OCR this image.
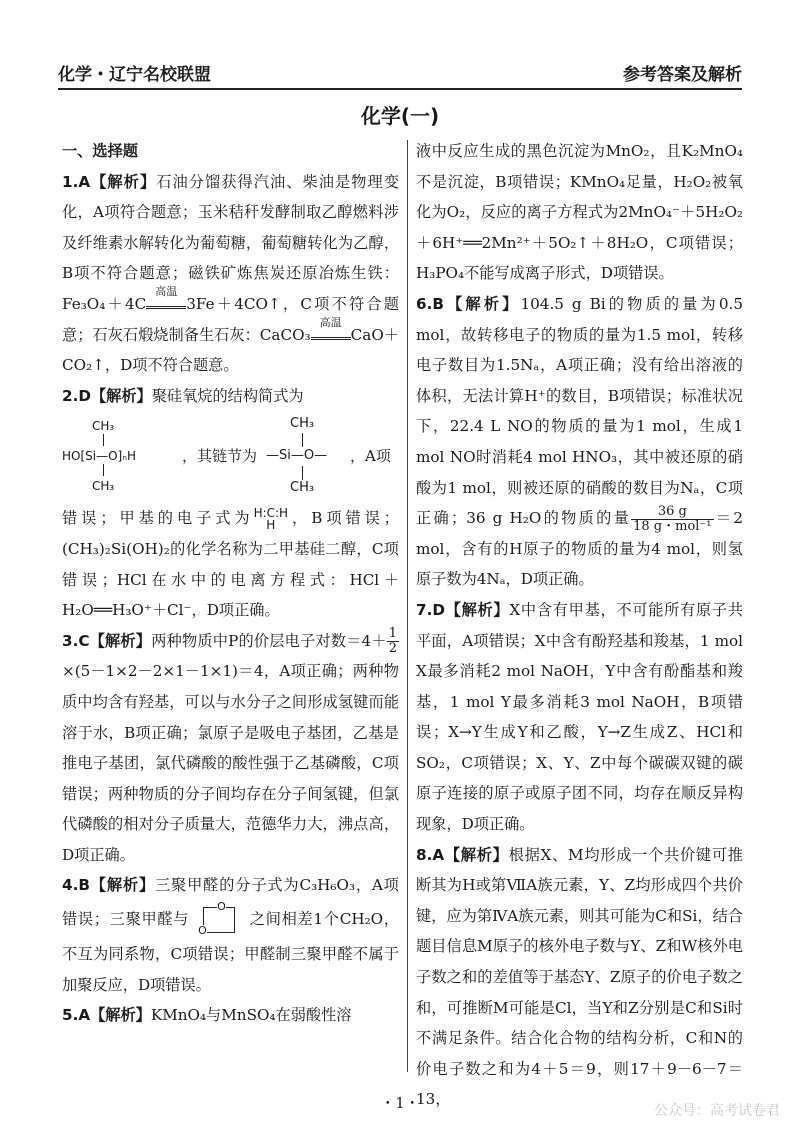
化学・辽宁名校联盟	参考答案及解析
化学(一)

一、选择题

1.A【解析】石油分馏获得汽油、柴油是物理变化，A项符合题意；玉米秸秆发酵制取乙醇燃料涉及纤维素水解转化为葡萄糖，葡萄糖转化为乙醇，B项不符合题意；磁铁矿炼焦炭还原冶炼生铁：Fe₃O₄＋4C
高温
3Fe＋4CO↑，C项不符合题意；石灰石煅烧制备生石灰：CaCO₃
高温
CaO＋CO₂↑，D项不符合题意。

2.D【解析】聚硅氧烷的结构简式为

CH₃
HO[Si—O]ₙH
CH₃
，其链节为
CH₃
—Si—O—
CH₃
，A项

错误；甲基的电子式为 H:C:H
H ，B项错误；(CH₃)₂Si(OH)₂的化学名称为二甲基硅二醇，C项错误；HCl在水中的电离方程式：HCl＋H₂O══H₃O⁺＋Cl⁻，D项正确。

3.C【解析】两种物质中P的价层电子对数$=4+ \frac{1}{2}$
×(5－1×2－2×1－1×1)＝4，A项正确；两种物质中均含有羟基，可以与水分子之间形成氢键而能溶于水，B项正确；氯原子是吸电子基团，乙基是推电子基团，氯代磷酸的酸性强于乙基磷酸，C项错误；两种物质的分子间均存在分子间氢键，但氯代磷酸的相对分子质量大，范德华力大，沸点高，D项正确。

4.B【解析】三聚甲醛的分子式为C₃H₆O₃，A项错误；三聚甲醛与
O
O
之间相差1个CH₂O，不互为同系物，C项错误；甲醛制三聚甲醛不属于加聚反应，D项错误。

5.A【解析】KMnO₄与MnSO₄在弱酸性溶

液中反应生成的黑色沉淀为MnO₂，且K₂MnO₄不是沉淀，B项错误；KMnO₄足量，H₂O₂被氧化为O₂，反应的离子方程式为2MnO₄⁻＋5H₂O₂＋6H⁺══2Mn²⁺＋5O₂↑＋8H₂O，C项错误；H₃PO₄不能写成离子形式，D项错误。

6.B【解析】104.5 g Bi的物质的量为0.5 mol，故转移电子的物质的量为1.5 mol，转移电子数目为1.5Nₐ，A项正确；没有给出溶液的体积，无法计算H⁺的数目，B项错误；标准状况下，22.4 L NO的物质的量为1 mol，生成1 mol NO时消耗4 mol HNO₃，其中被还原的硝酸为1 mol，则被还原的硝酸的数目为Nₐ，C项正确；36 g H₂O的物质的量 $\frac{36 g}{\text{18 g・mol⁻¹}} =2$ mol，含有的H原子的物质的量为4 mol，则氢原子数为4Nₐ，D项正确。

7.D【解析】X中含有甲基，不可能所有原子共平面，A项错误；X中含有酚羟基和羧基，1 mol X最多消耗2 mol NaOH，Y中含有酚酯基和羧基，1 mol Y最多消耗3 mol NaOH，B项错误；X→Y生成Y和乙酸，Y→Z生成Z、HCl和SO₂，C项错误；X、Y、Z中每个碳碳双键的碳原子连接的原子或原子团不同，均存在顺反异构现象，D项正确。

8.A【解析】根据X、M均形成一个共价键可推断其为H或第ⅦA族元素，Y、Z均形成四个共价键，应为第ⅣA族元素，则其可能为C和Si，结合题目信息M原子的核外电子数与Y、Z和W核外电子数之和的差值等于基态Y、Z原子的价电子数之和，可推断M可能是Cl，当Y和Z分别是C和Si时不满足条件。结合化合物的结构分析，C和N的价电子数之和为4＋5＝9，则17＋9－6－7＝13，

・1・	公众号：高考试卷君
